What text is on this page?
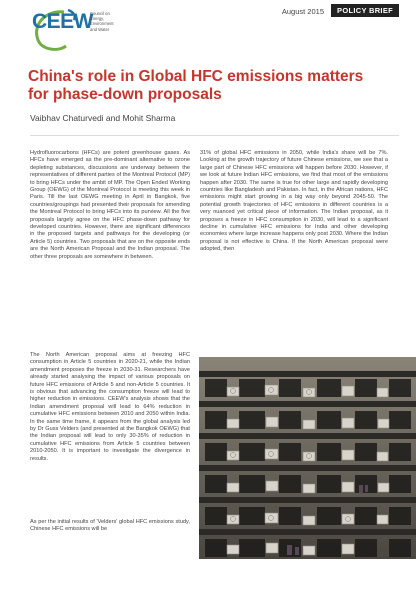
CEEW
Council on
Energy,
Environment
and Water
August 2015	POLICY BRIEF
China's role in Global HFC emissions matters for phase-down proposals
Vaibhav Chaturvedi and Mohit Sharma

Hydrofluorocarbons (HFCs) are potent greenhouse gases. As HFCs have emerged as the pre-dominant alternative to ozone depleting substances, discussions are underway between the representatives of different parties of the Montreal Protocol (MP) to bring HFCs under the ambit of MP. The Open Ended Working Group (OEWG) of the Montreal Protocol is meeting this week in Paris. Till the last OEWG meeting in April in Bangkok, five countries/groupings had presented their proposals for amending the Montreal Protocol to bring HFCs into its purview. All the five proposals largely agree on the HFC phase-down pathway for developed countries. However, there are significant differences in the proposed targets and pathways for the developing (or Article 5) countries. Two proposals that are on the opposite ends are the North American Proposal and the Indian proposal. The other three proposals are somewhere in between.

The North American proposal aims at freezing HFC consumption in Article 5 countries in 2020-21, while the Indian amendment proposes the freeze in 2030-31. Researchers have already started analysing the impact of various proposals on future HFC emissions of Article 5 and non-Article 5 countries. It is obvious that advancing the consumption freeze will lead to higher reduction in emissions. CEEW's analysis shows that the Indian amendment proposal will lead to 64% reduction in cumulative HFC emissions between 2010 and 2050 within India. In the same time frame, it appears from the global analysis led by Dr Guss Velders (and presented at the Bangkok OEWG) that the Indian proposal will lead to only 30-35% of reduction in cumulative HFC emissions from Article 5 countries between 2010-2050. It is important to investigate the divergence in results.

As per the initial results of 'Velders' global HFC emissions study, Chinese HFC emissions will be

31% of global HFC emissions in 2050, while India's share will be 7%. Looking at the growth trajectory of future Chinese emissions, we see that a large part of Chinese HFC emissions will happen before 2030. However, if we look at future Indian HFC emissions, we find that most of the emissions happen after 2030. The same is true for other large and rapidly developing countries like Bangladesh and Pakistan. In fact, in the African nations, HFC emissions might start growing in a big way only beyond 2045-50. The potential growth trajectories of HFC emissions in different countries is a very nuanced yet critical piece of information. The Indian proposal, as it proposes a freeze in HFC consumption in 2030, will lead to a significant decline in cumulative HFC emissions for India and other developing economies where large increase happens only post 2030. Where the Indian proposal is not effective is China. If the North American proposal were adopted, then
